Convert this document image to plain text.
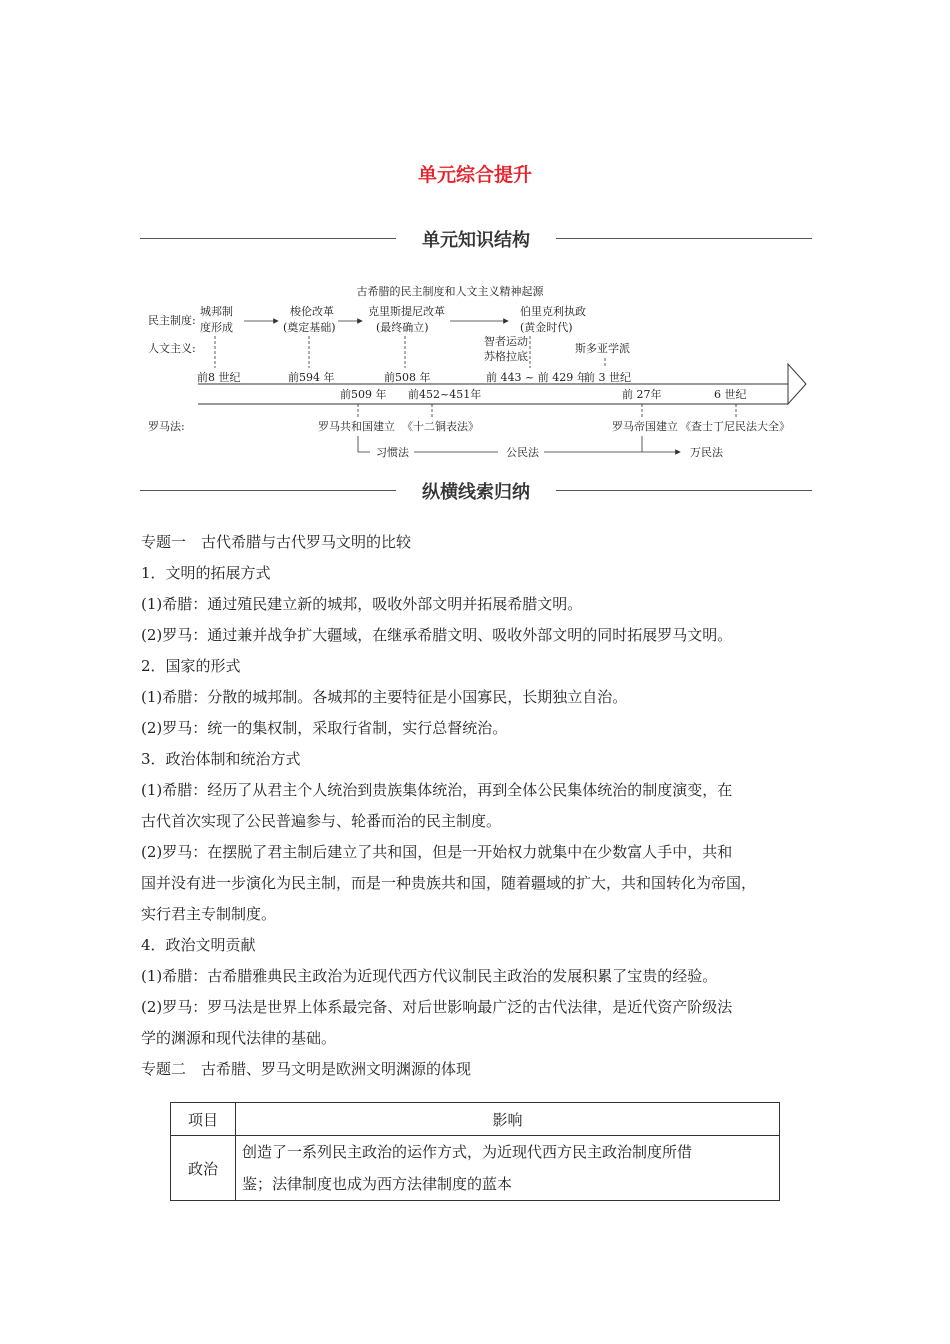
单元综合提升
单元知识结构
古希腊的民主制度和人文主义精神起源
民主制度:
人文主义:
罗马法:
城邦制
度形成
梭伦改革
(奠定基础)
克里斯提尼改革
(最终确立)
伯里克利执政
(黄金时代)
智者运动
苏格拉底
斯多亚学派
前8 世纪	前594 年	前508 年	前 443 ~ 前 429 年
前 3 世纪
前509 年 前452~451年	前 27年	6 世纪
罗马共和国建立 《十二铜表法》	罗马帝国建立 《查士丁尼民法大全》
习惯法	公民法	万民法
纵横线索归纳

专题一　古代希腊与古代罗马文明的比较

1．文明的拓展方式

(1)希腊：通过殖民建立新的城邦，吸收外部文明并拓展希腊文明。

(2)罗马：通过兼并战争扩大疆域，在继承希腊文明、吸收外部文明的同时拓展罗马文明。

2．国家的形式

(1)希腊：分散的城邦制。各城邦的主要特征是小国寡民，长期独立自治。

(2)罗马：统一的集权制，采取行省制，实行总督统治。

3．政治体制和统治方式

(1)希腊：经历了从君主个人统治到贵族集体统治，再到全体公民集体统治的制度演变，在

古代首次实现了公民普遍参与、轮番而治的民主制度。

(2)罗马：在摆脱了君主制后建立了共和国，但是一开始权力就集中在少数富人手中，共和

国并没有进一步演化为民主制，而是一种贵族共和国，随着疆域的扩大，共和国转化为帝国，

实行君主专制制度。

4．政治文明贡献

(1)希腊：古希腊雅典民主政治为近现代西方代议制民主政治的发展积累了宝贵的经验。

(2)罗马：罗马法是世界上体系最完备、对后世影响最广泛的古代法律，是近代资产阶级法

学的渊源和现代法律的基础。

专题二　古希腊、罗马文明是欧洲文明渊源的体现

项目	影响
政治	创造了一系列民主政治的运作方式，为近现代西方民主政治制度所借
鉴；法律制度也成为西方法律制度的蓝本
